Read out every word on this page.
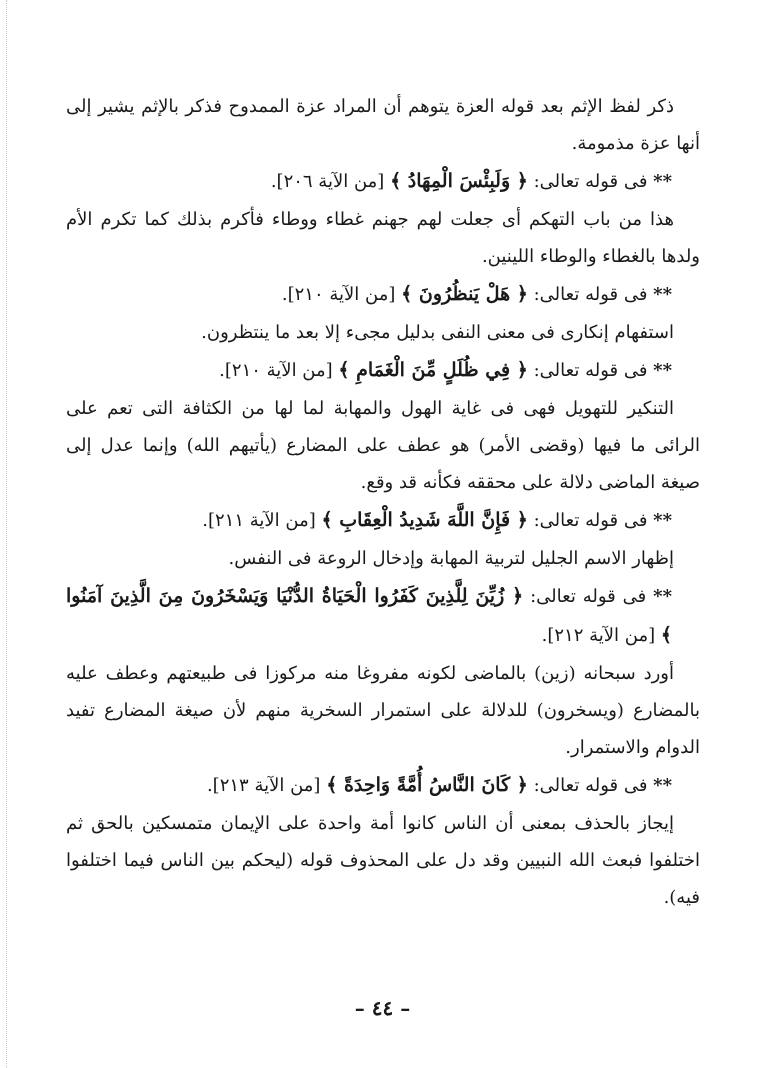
ذكر لفظ الإثم بعد قوله العزة يتوهم أن المراد عزة الممدوح فذكر بالإثم يشير إلى أنها عزة مذمومة.

** فى قوله تعالى: ﴿ وَلَبِئْسَ الْمِهَادُ ﴾ [من الآية ٢٠٦].

هذا من باب التهكم أى جعلت لهم جهنم غطاء ووطاء فأكرم بذلك كما تكرم الأم ولدها بالغطاء والوطاء اللينين.

** فى قوله تعالى: ﴿ هَلْ يَنظُرُونَ ﴾ [من الآية ٢١٠].

استفهام إنكارى فى معنى النفى بدليل مجىء إلا بعد ما ينتظرون.

** فى قوله تعالى: ﴿ فِي ظُلَلٍ مِّنَ الْغَمَامِ ﴾ [من الآية ٢١٠].

التنكير للتهويل فهى فى غاية الهول والمهابة لما لها من الكثافة التى تعم على الرائى ما فيها (وقضى الأمر) هو عطف على المضارع (يأتيهم الله) وإنما عدل إلى صيغة الماضى دلالة على محققه فكأنه قد وقع.

** فى قوله تعالى: ﴿ فَإِنَّ اللَّهَ شَدِيدُ الْعِقَابِ ﴾ [من الآية ٢١١].

إظهار الاسم الجليل لتربية المهابة وإدخال الروعة فى النفس.

** فى قوله تعالى: ﴿ زُيِّنَ لِلَّذِينَ كَفَرُوا الْحَيَاةُ الدُّنْيَا وَيَسْخَرُونَ مِنَ الَّذِينَ آمَنُوا ﴾ [من الآية ٢١٢].

أورد سبحانه (زين) بالماضى لكونه مفروغا منه مركوزا فى طبيعتهم وعطف عليه بالمضارع (ويسخرون) للدلالة على استمرار السخرية منهم لأن صيغة المضارع تفيد الدوام والاستمرار.

** فى قوله تعالى: ﴿ كَانَ النَّاسُ أُمَّةً وَاحِدَةً ﴾ [من الآية ٢١٣].

إيجاز بالحذف بمعنى أن الناس كانوا أمة واحدة على الإيمان متمسكين بالحق ثم اختلفوا فبعث الله النبيين وقد دل على المحذوف قوله (ليحكم بين الناس فيما اختلفوا فيه).

– ٤٤ –
